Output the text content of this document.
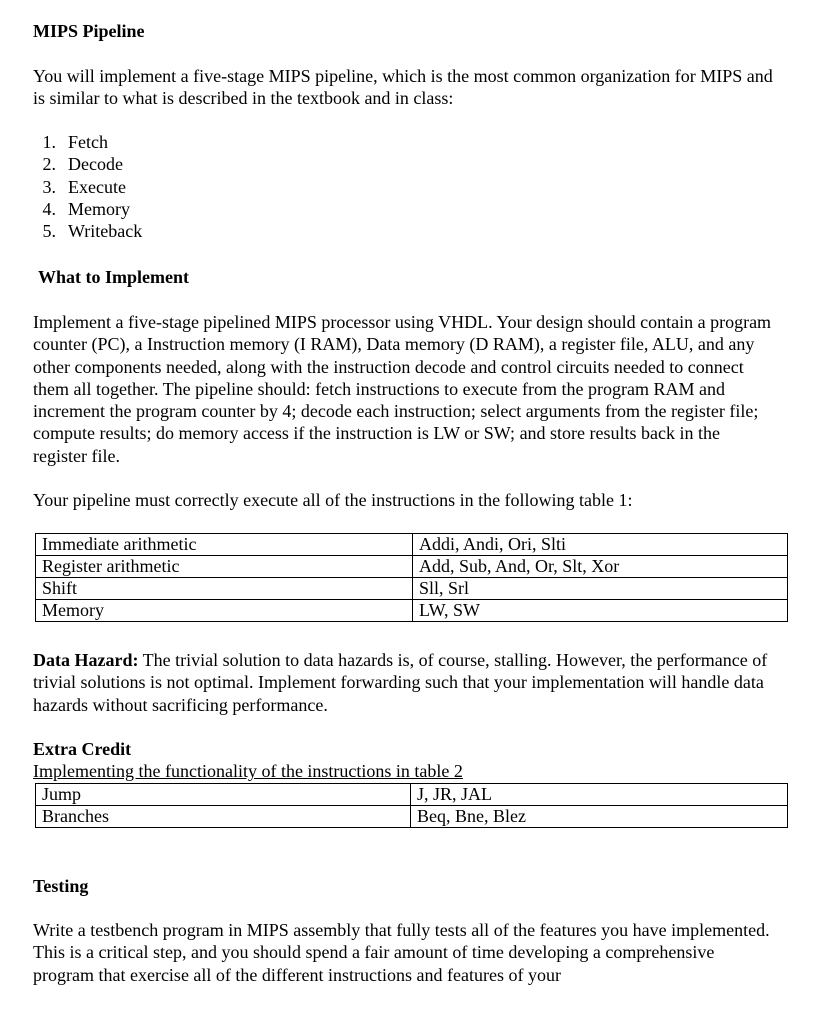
MIPS Pipeline

You will implement a five-stage MIPS pipeline, which is the most common organization for MIPS and is similar to what is described in the textbook and in class:

1. Fetch
2. Decode
3. Execute
4. Memory
5. Writeback
What to Implement

Implement a five-stage pipelined MIPS processor using VHDL. Your design should contain a program counter (PC), a Instruction memory (I RAM), Data memory (D RAM), a register file, ALU, and any other components needed, along with the instruction decode and control circuits needed to connect them all together. The pipeline should: fetch instructions to execute from the program RAM and increment the program counter by 4; decode each instruction; select arguments from the register file; compute results; do memory access if the instruction is LW or SW; and store results back in the register file.

Your pipeline must correctly execute all of the instructions in the following table 1:

Immediate arithmetic	Addi, Andi, Ori, Slti
Register arithmetic	Add, Sub, And, Or, Slt, Xor
Shift	Sll, Srl
Memory	LW, SW

Data Hazard: The trivial solution to data hazards is, of course, stalling. However, the performance of trivial solutions is not optimal. Implement forwarding such that your implementation will handle data hazards without sacrificing performance.

Extra Credit
Implementing the functionality of the instructions in table 2
Jump	J, JR, JAL
Branches	Beq, Bne, Blez
Testing

Write a testbench program in MIPS assembly that fully tests all of the features you have implemented. This is a critical step, and you should spend a fair amount of time developing a comprehensive program that exercise all of the different instructions and features of your
